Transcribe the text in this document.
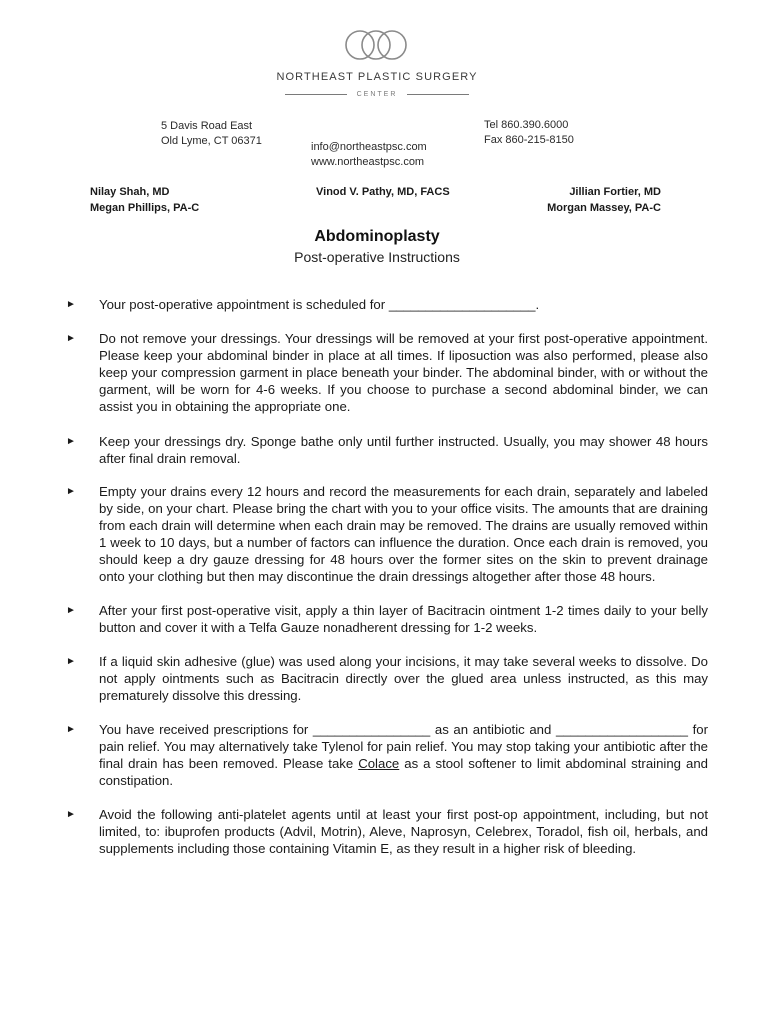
NORTHEAST PLASTIC SURGERY
CENTER
5 Davis Road East
Old Lyme, CT 06371	info@northeastpsc.com
www.northeastpsc.com
Tel 860.390.6000
Fax 860-215-8150
Nilay Shah, MD
Megan Phillips, PA-C
Vinod V. Pathy, MD, FACS	Jillian Fortier, MD
Morgan Massey, PA-C
Abdominoplasty
Post-operative Instructions
► Your post-operative appointment is scheduled for ____________________.
► Do not remove your dressings. Your dressings will be removed at your first post-operative appointment. Please keep your abdominal binder in place at all times. If liposuction was also performed, please also keep your compression garment in place beneath your binder. The abdominal binder, with or without the garment, will be worn for 4-6 weeks. If you choose to purchase a second abdominal binder, we can assist you in obtaining the appropriate one.
► Keep your dressings dry. Sponge bathe only until further instructed. Usually, you may shower 48 hours after final drain removal.
► Empty your drains every 12 hours and record the measurements for each drain, separately and labeled by side, on your chart. Please bring the chart with you to your office visits. The amounts that are draining from each drain will determine when each drain may be removed. The drains are usually removed within 1 week to 10 days, but a number of factors can influence the duration. Once each drain is removed, you should keep a dry gauze dressing for 48 hours over the former sites on the skin to prevent drainage onto your clothing but then may discontinue the drain dressings altogether after those 48 hours.
► After your first post-operative visit, apply a thin layer of Bacitracin ointment 1-2 times daily to your belly button and cover it with a Telfa Gauze nonadherent dressing for 1-2 weeks.
► If a liquid skin adhesive (glue) was used along your incisions, it may take several weeks to dissolve. Do not apply ointments such as Bacitracin directly over the glued area unless instructed, as this may prematurely dissolve this dressing.
► You have received prescriptions for ________________ as an antibiotic and __________________ for pain relief. You may alternatively take Tylenol for pain relief. You may stop taking your antibiotic after the final drain has been removed. Please take Colace as a stool softener to limit abdominal straining and constipation.
► Avoid the following anti-platelet agents until at least your first post-op appointment, including, but not limited, to: ibuprofen products (Advil, Motrin), Aleve, Naprosyn, Celebrex, Toradol, fish oil, herbals, and supplements including those containing Vitamin E, as they result in a higher risk of bleeding.
